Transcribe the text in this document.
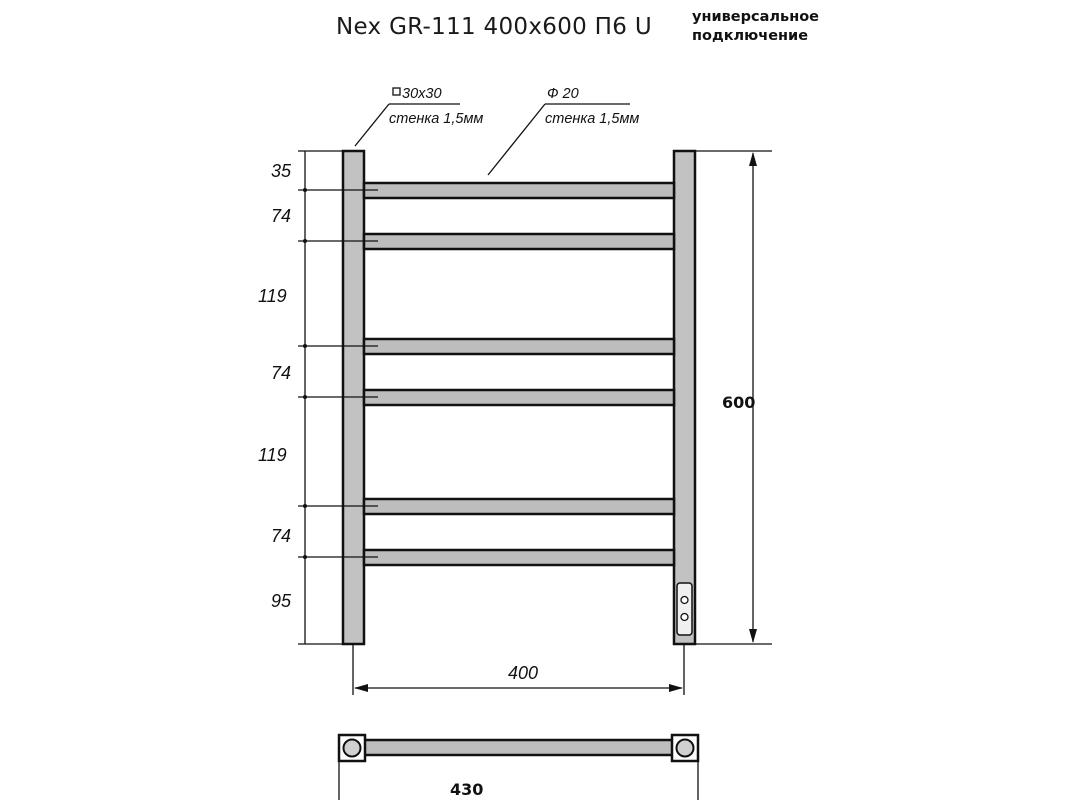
Nex GR-111 400x600 П6 U	универсальное
подключение
35
74
119
74
119
74
95
600
400
30x30
стенка 1,5мм
Ф 20
стенка 1,5мм
430
